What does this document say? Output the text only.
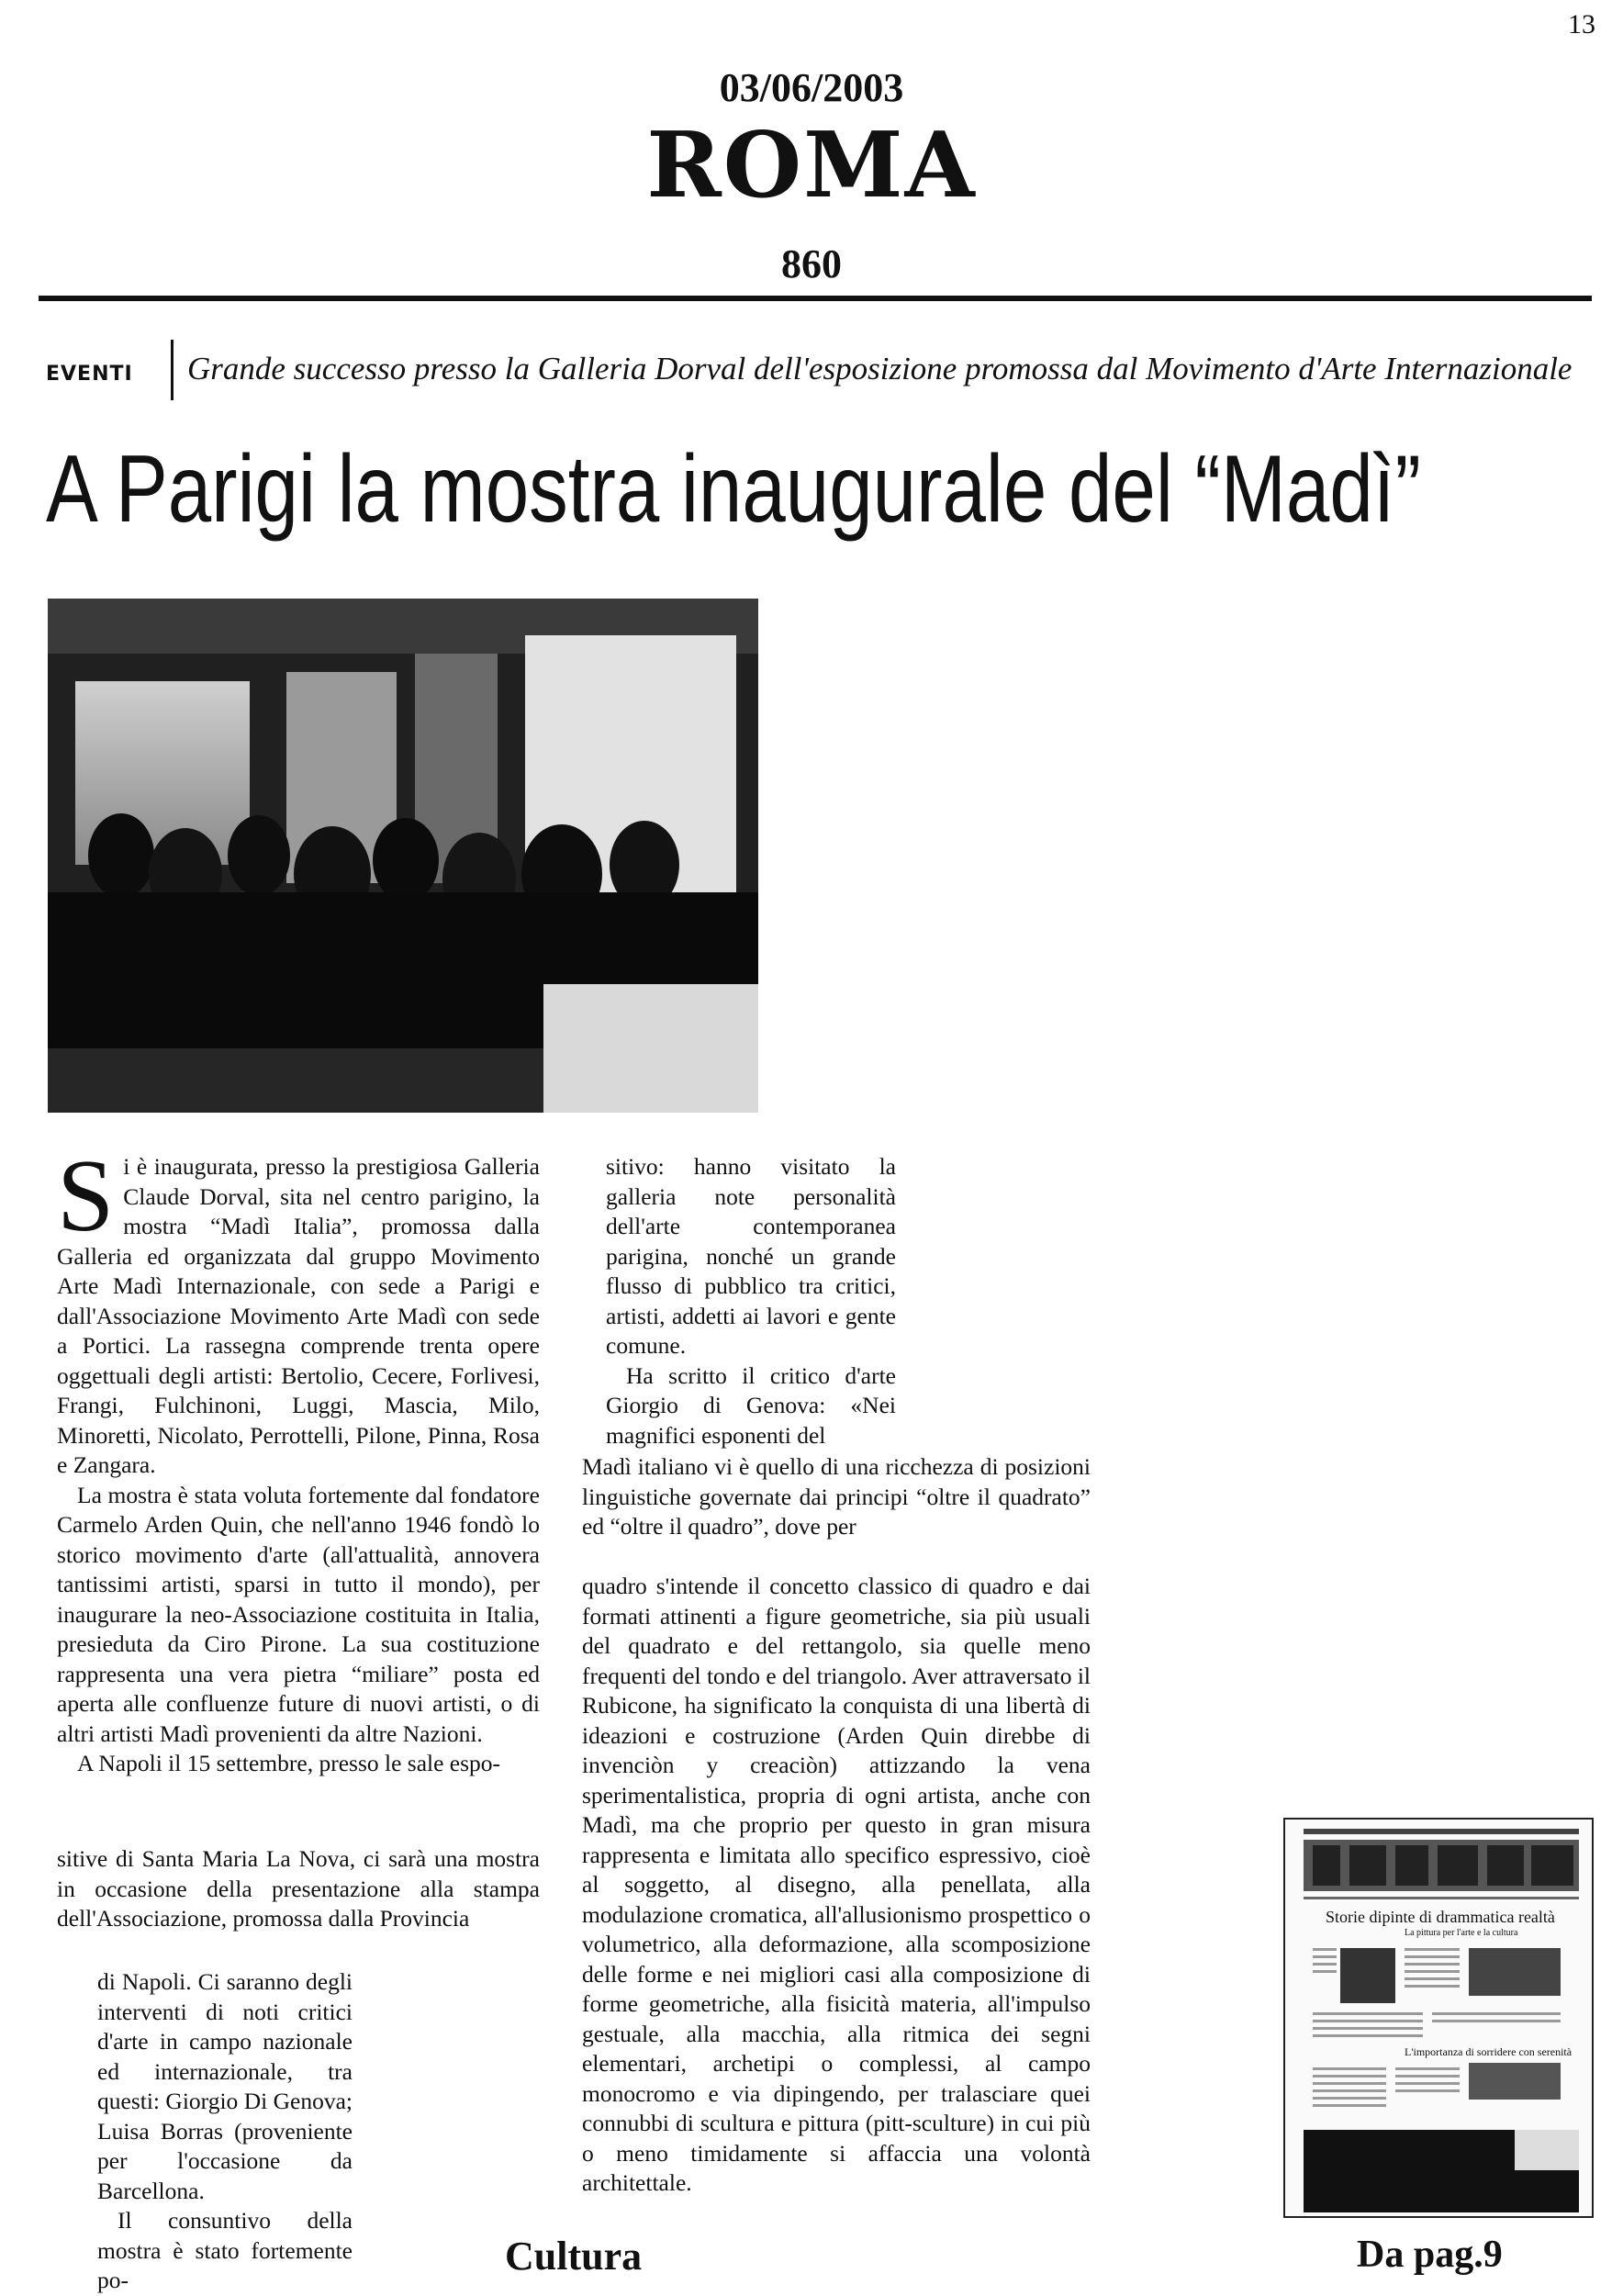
13
03/06/2003
ROMA
860
EVENTI Grande successo presso la Galleria Dorval dell'esposizione promossa dal Movimento d'Arte Internazionale
A Parigi la mostra inaugurale del “Madì”

Si è inaugurata, presso la prestigiosa Galleria Claude Dorval, sita nel centro parigino, la mostra “Madì Italia”, promossa dalla Galleria ed organizzata dal gruppo Movimento Arte Madì Internazionale, con sede a Parigi e dall'Associazione Movimento Arte Madì con sede a Portici. La rassegna comprende trenta opere oggettuali degli artisti: Bertolio, Cecere, Forlivesi, Frangi, Fulchinoni, Luggi, Mascia, Milo, Minoretti, Nicolato, Perrottelli, Pilone, Pinna, Rosa e Zangara.

La mostra è stata voluta fortemente dal fondatore Carmelo Arden Quin, che nell'anno 1946 fondò lo storico movimento d'arte (all'attualità, annovera tantissimi artisti, sparsi in tutto il mondo), per inaugurare la neo-Associazione costituita in Italia, presieduta da Ciro Pirone. La sua costituzione rappresenta una vera pietra “miliare” posta ed aperta alle confluenze future di nuovi artisti, o di altri artisti Madì provenienti da altre Nazioni.

A Napoli il 15 settembre, presso le sale espo-

sitive di Santa Maria La Nova, ci sarà una mostra in occasione della presentazione alla stampa dell'Associazione, promossa dalla Provincia

di Napoli. Ci saranno degli interventi di noti critici d'arte in campo nazionale ed internazionale, tra questi: Giorgio Di Genova; Luisa Borras (proveniente per l'occasione da Barcellona.

Il consuntivo della mostra è stato fortemente po-

sitivo: hanno visitato la galleria note personalità dell'arte contemporanea parigina, nonché un grande flusso di pubblico tra critici, artisti, addetti ai lavori e gente comune.

Ha scritto il critico d'arte Giorgio di Genova: «Nei magnifici esponenti del

Madì italiano vi è quello di una ricchezza di posizioni linguistiche governate dai principi “oltre il quadrato” ed “oltre il quadro”, dove per

quadro s'intende il concetto classico di quadro e dai formati attinenti a figure geometriche, sia più usuali del quadrato e del rettangolo, sia quelle meno frequenti del tondo e del triangolo. Aver attraversato il Rubicone, ha significato la conquista di una libertà di ideazioni e costruzione (Arden Quin direbbe di invenciòn y creaciòn) attizzando la vena sperimentalistica, propria di ogni artista, anche con Madì, ma che proprio per questo in gran misura rappresenta e limitata allo specifico espressivo, cioè al soggetto, al disegno, alla penellata, alla modulazione cromatica, all'allusionismo prospettico o volumetrico, alla deformazione, alla scomposizione delle forme e nei migliori casi alla composizione di forme geometriche, alla fisicità materia, all'impulso gestuale, alla macchia, alla ritmica dei segni elementari, archetipi o complessi, al campo monocromo e via dipingendo, per tralasciare quei connubbi di scultura e pittura (pitt-sculture) in cui più o meno timidamente si affaccia una volontà architettale.

Storie dipinte di drammatica realtà
La pittura per l'arte e la cultura
L'importanza di sorridere con serenità
Cultura	Da pag.9
